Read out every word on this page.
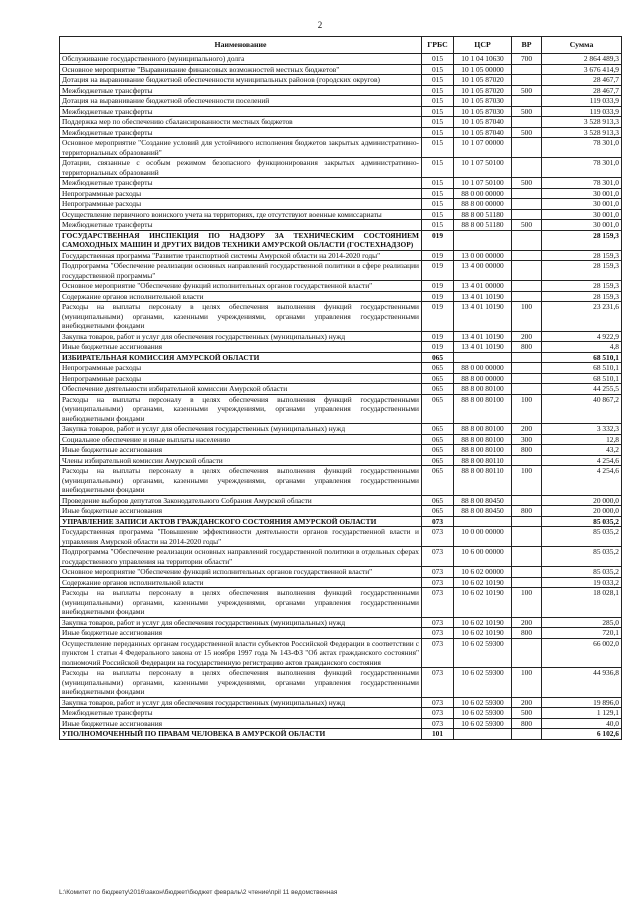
2
Наименование	ГРБС	ЦСР	ВР	Сумма
Обслуживание государственного (муниципального) долга	015	10 1 04 10630	700	2 864 489,3
Основное мероприятие "Выравнивание финансовых возможностей местных бюджетов"	015	10 1 05 00000		3 676 414,9
Дотация на выравнивание бюджетной обеспеченности муниципальных районов (городских округов)	015	10 1 05 87020		28 467,7
Межбюджетные трансферты	015	10 1 05 87020	500	28 467,7
Дотация на выравнивание бюджетной обеспеченности поселений	015	10 1 05 87030		119 033,9
Межбюджетные трансферты	015	10 1 05 87030	500	119 033,9
Поддержка мер по обеспечению сбалансированности местных бюджетов	015	10 1 05 87040		3 528 913,3
Межбюджетные трансферты	015	10 1 05 87040	500	3 528 913,3
Основное мероприятие "Создание условий для устойчивого исполнения бюджетов закрытых административно-территориальных образований"	015	10 1 07 00000		78 301,0
Дотации, связанные с особым режимом безопасного функционирования закрытых административно-территориальных образований	015	10 1 07 50100		78 301,0
Межбюджетные трансферты	015	10 1 07 50100	500	78 301,0
Непрограммные расходы	015	88 0 00 00000		30 001,0
Непрограммные расходы	015	88 8 00 00000		30 001,0
Осуществление первичного воинского учета на территориях, где отсутствуют военные комиссариаты	015	88 8 00 51180		30 001,0
Межбюджетные трансферты	015	88 8 00 51180	500	30 001,0
ГОСУДАРСТВЕННАЯ ИНСПЕКЦИЯ ПО НАДЗОРУ ЗА ТЕХНИЧЕСКИМ СОСТОЯНИЕМ САМОХОДНЫХ МАШИН И ДРУГИХ ВИДОВ ТЕХНИКИ АМУРСКОЙ ОБЛАСТИ (ГОСТЕХНАДЗОР)	019			28 159,3
Государственная программа "Развитие транспортной системы Амурской области на 2014-2020 годы"	019	13 0 00 00000		28 159,3
Подпрограмма "Обеспечение реализации основных направлений государственной политики в сфере реализации государственной программы"	019	13 4 00 00000		28 159,3
Основное мероприятие "Обеспечение функций исполнительных органов государственной власти"	019	13 4 01 00000		28 159,3
Содержание органов исполнительной власти	019	13 4 01 10190		28 159,3
Расходы на выплаты персоналу в целях обеспечения выполнения функций государственными (муниципальными) органами, казенными учреждениями, органами управления государственными внебюджетными фондами	019	13 4 01 10190	100	23 231,6
Закупка товаров, работ и услуг для обеспечения государственных (муниципальных) нужд	019	13 4 01 10190	200	4 922,9
Иные бюджетные ассигнования	019	13 4 01 10190	800	4,8
ИЗБИРАТЕЛЬНАЯ КОМИССИЯ АМУРСКОЙ ОБЛАСТИ	065			68 510,1
Непрограммные расходы	065	88 0 00 00000		68 510,1
Непрограммные расходы	065	88 8 00 00000		68 510,1
Обеспечение деятельности избирательной комиссии Амурской области	065	88 8 00 80100		44 255,5
Расходы на выплаты персоналу в целях обеспечения выполнения функций государственными (муниципальными) органами, казенными учреждениями, органами управления государственными внебюджетными фондами	065	88 8 00 80100	100	40 867,2
Закупка товаров, работ и услуг для обеспечения государственных (муниципальных) нужд	065	88 8 00 80100	200	3 332,3
Социальное обеспечение и иные выплаты населению	065	88 8 00 80100	300	12,8
Иные бюджетные ассигнования	065	88 8 00 80100	800	43,2
Члены избирательной комиссии Амурской области	065	88 8 00 80110		4 254,6
Расходы на выплаты персоналу в целях обеспечения выполнения функций государственными (муниципальными) органами, казенными учреждениями, органами управления государственными внебюджетными фондами	065	88 8 00 80110	100	4 254,6
Проведение выборов депутатов Законодательного Собрания Амурской области	065	88 8 00 80450		20 000,0
Иные бюджетные ассигнования	065	88 8 00 80450	800	20 000,0
УПРАВЛЕНИЕ ЗАПИСИ АКТОВ ГРАЖДАНСКОГО СОСТОЯНИЯ АМУРСКОЙ ОБЛАСТИ	073			85 035,2
Государственная программа "Повышение эффективности деятельности органов государственной власти и управления Амурской области на 2014-2020 годы"	073	10 0 00 00000		85 035,2
Подпрограмма "Обеспечение реализации основных направлений государственной политики в отдельных сферах государственного управления на территории области"	073	10 6 00 00000		85 035,2
Основное мероприятие "Обеспечение функций исполнительных органов государственной власти"	073	10 6 02 00000		85 035,2
Содержание органов исполнительной власти	073	10 6 02 10190		19 033,2
Расходы на выплаты персоналу в целях обеспечения выполнения функций государственными (муниципальными) органами, казенными учреждениями, органами управления государственными внебюджетными фондами	073	10 6 02 10190	100	18 028,1
Закупка товаров, работ и услуг для обеспечения государственных (муниципальных) нужд	073	10 6 02 10190	200	285,0
Иные бюджетные ассигнования	073	10 6 02 10190	800	720,1
Осуществление переданных органам государственной власти субъектов Российской Федерации в соответствии с пунктом 1 статьи 4 Федерального закона от 15 ноября 1997 года № 143-ФЗ "Об актах гражданского состояния" полномочий Российской Федерации на государственную регистрацию актов гражданского состояния	073	10 6 02 59300		66 002,0
Расходы на выплаты персоналу в целях обеспечения выполнения функций государственными (муниципальными) органами, казенными учреждениями, органами управления государственными внебюджетными фондами	073	10 6 02 59300	100	44 936,8
Закупка товаров, работ и услуг для обеспечения государственных (муниципальных) нужд	073	10 6 02 59300	200	19 896,0
Межбюджетные трансферты	073	10 6 02 59300	500	1 129,1
Иные бюджетные ассигнования	073	10 6 02 59300	800	40,0
УПОЛНОМОЧЕННЫЙ ПО ПРАВАМ ЧЕЛОВЕКА В АМУРСКОЙ ОБЛАСТИ	101			6 102,6
L:\Комитет по бюджету\2016\закон\бюджет\бюджет февраль\2 чтение\прil 11 ведомственная
